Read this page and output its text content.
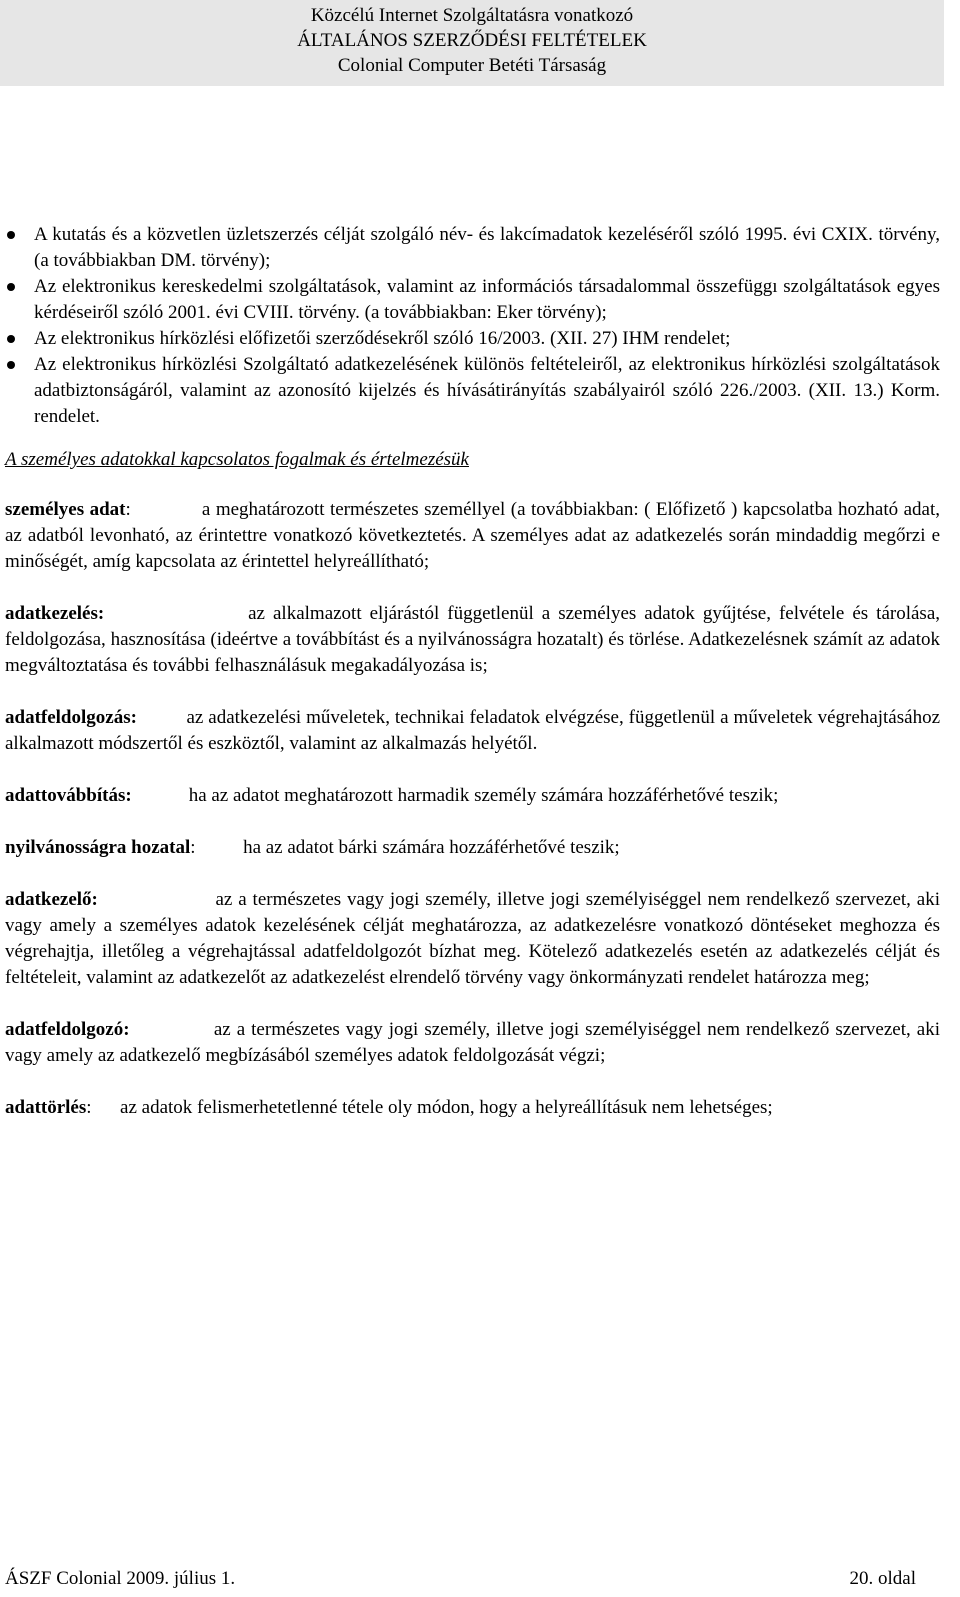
Közcélú Internet Szolgáltatásra vonatkozó
ÁLTALÁNOS SZERZŐDÉSI FELTÉTELEK
Colonial Computer Betéti Társaság
A kutatás és a közvetlen üzletszerzés célját szolgáló név- és lakcímadatok kezeléséről szóló 1995. évi CXIX. törvény, (a továbbiakban DM. törvény);
Az elektronikus kereskedelmi szolgáltatások, valamint az információs társadalommal összefüggı szolgáltatások egyes kérdéseiről szóló 2001. évi CVIII. törvény. (a továbbiakban: Eker törvény);
Az elektronikus hírközlési előfizetői szerződésekről szóló 16/2003. (XII. 27) IHM rendelet;
Az elektronikus hírközlési Szolgáltató adatkezelésének különös feltételeiről, az elektronikus hírközlési szolgáltatások adatbiztonságáról, valamint az azonosító kijelzés és hívásátirányítás szabályairól szóló 226./2003. (XII. 13.) Korm. rendelet.
A személyes adatokkal kapcsolatos fogalmak és értelmezésük
személyes adat:	a meghatározott természetes személlyel (a továbbiakban: ( Előfizető ) kapcsolatba hozható adat, az adatból levonható, az érintettre vonatkozó következtetés. A személyes adat az adatkezelés során mindaddig megőrzi e minőségét, amíg kapcsolata az érintettel helyreállítható;
adatkezelés:	az alkalmazott eljárástól függetlenül a személyes adatok gyűjtése, felvétele és tárolása, feldolgozása, hasznosítása (ideértve a továbbítást és a nyilvánosságra hozatalt) és törlése. Adatkezelésnek számít az adatok megváltoztatása és további felhasználásuk megakadályozása is;
adatfeldolgozás:	az adatkezelési műveletek, technikai feladatok elvégzése, függetlenül a műveletek végrehajtásához alkalmazott módszertől és eszköztől, valamint az alkalmazás helyétől.
adattovábbítás:	ha az adatot meghatározott harmadik személy számára hozzáférhetővé teszik;
nyilvánosságra hozatal:	ha az adatot bárki számára hozzáférhetővé teszik;
adatkezelő:	az a természetes vagy jogi személy, illetve jogi személyiséggel nem rendelkező szervezet, aki vagy amely a személyes adatok kezelésének célját meghatározza, az adatkezelésre vonatkozó döntéseket meghozza és végrehajtja, illetőleg a végrehajtással adatfeldolgozót bízhat meg. Kötelező adatkezelés esetén az adatkezelés célját és feltételeit, valamint az adatkezelőt az adatkezelést elrendelő törvény vagy önkormányzati rendelet határozza meg;
adatfeldolgozó:	az a természetes vagy jogi személy, illetve jogi személyiséggel nem rendelkező szervezet, aki vagy amely az adatkezelő megbízásából személyes adatok feldolgozását végzi;
adattörlés: az adatok felismerhetetlenné tétele oly módon, hogy a helyreállításuk nem lehetséges;
ÁSZF Colonial 2009. július 1.	20. oldal
